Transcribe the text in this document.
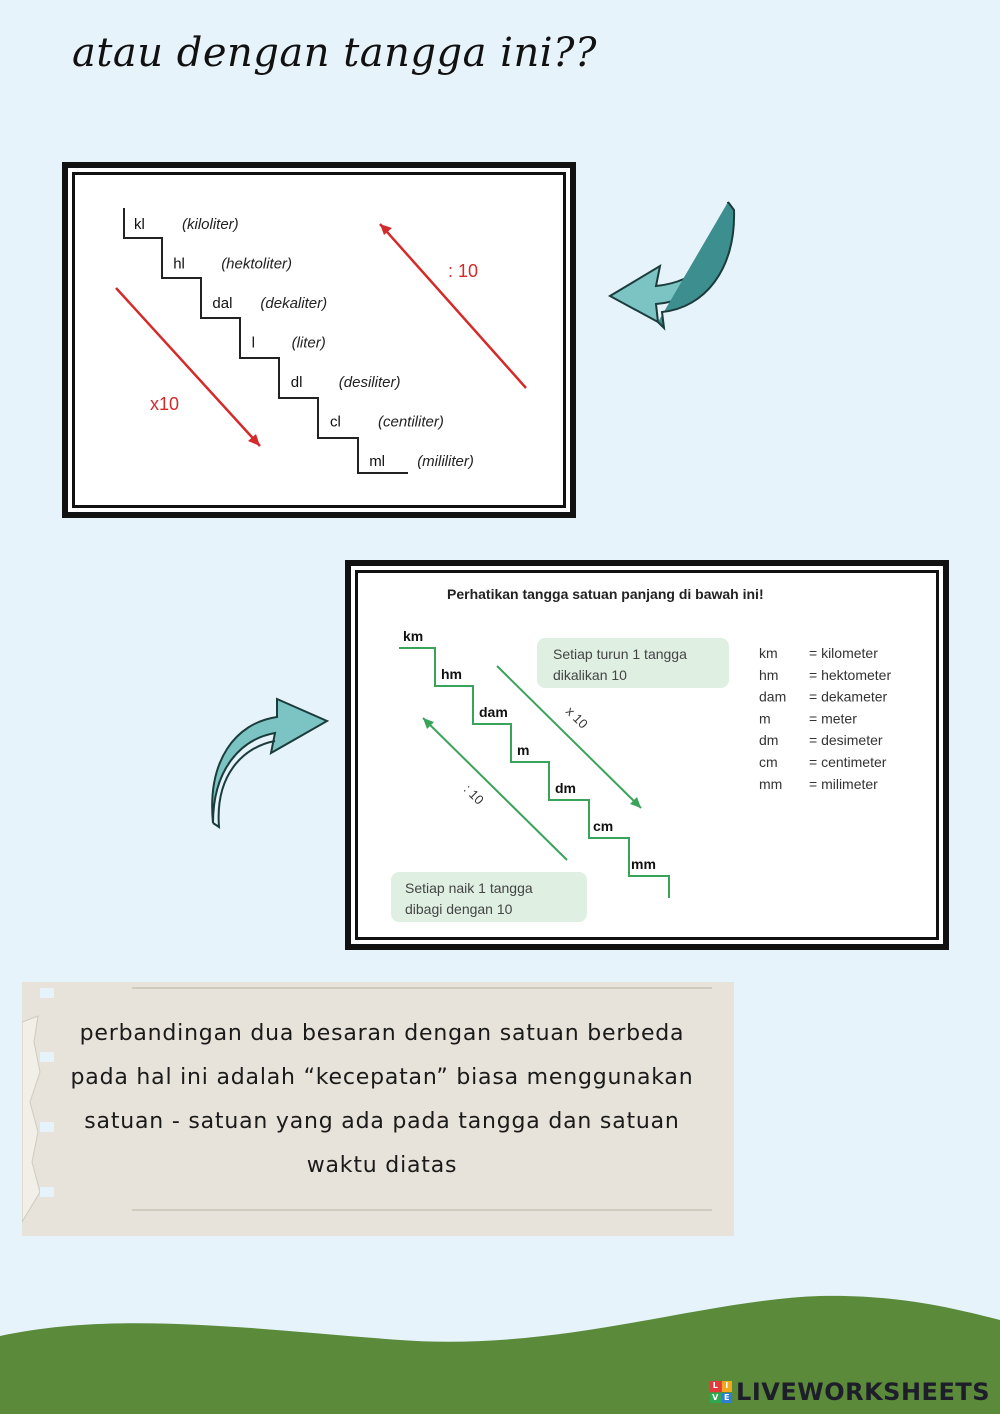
atau dengan tangga ini??
kl (kiloliter)
hl (hektoliter)
dal (dekaliter)
l (liter)
dl (desiliter)
cl (centiliter)
ml (mililiter)
x10
: 10
Perhatikan tangga satuan panjang di bawah ini!
km
hm
dam
m
dm
cm
mm
Setiap turun 1 tangga
dikalikan 10
Setiap naik 1 tangga
dibagi dengan 10
x 10
: 10
km = kilometer
hm = hektometer
dam = dekameter
m	= meter
dm = desimeter
cm = centimeter
mm = milimeter
perbandingan dua besaran dengan satuan berbeda pada hal ini adalah “kecepatan” biasa menggunakan satuan - satuan yang ada pada tangga dan satuan waktu diatas
L I
V E LIVEWORKSHEETS
